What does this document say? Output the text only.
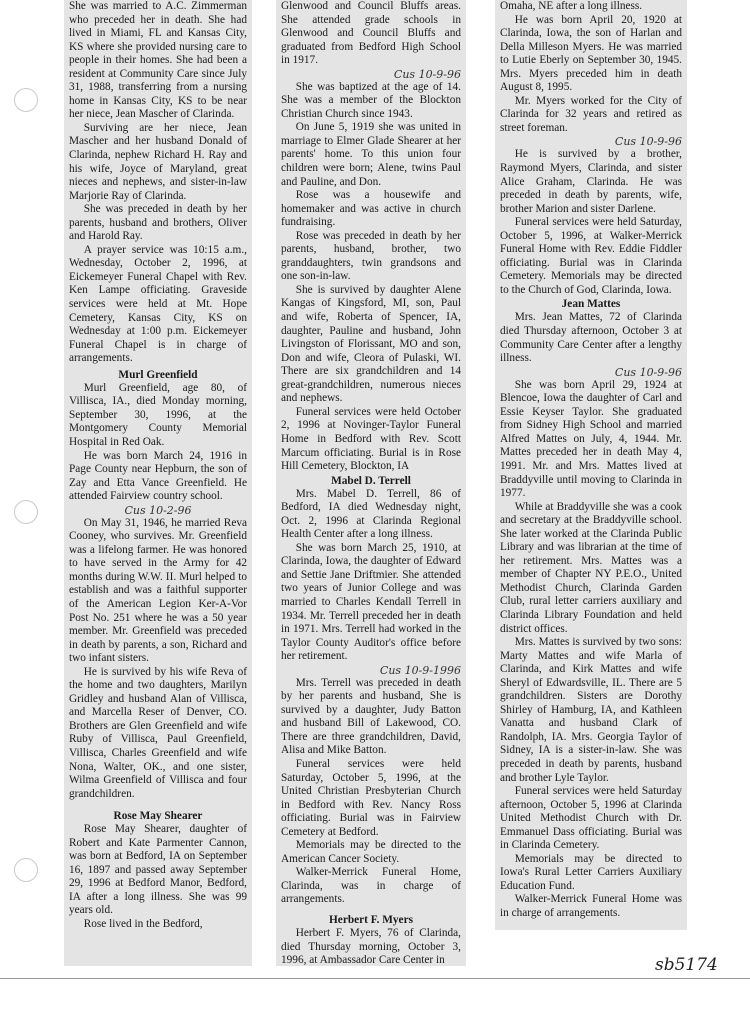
She was married to A.C. Zimmerman who preceded her in death. She had lived in Miami, FL and Kansas City, KS where she provided nursing care to people in their homes. She had been a resident at Community Care since July 31, 1988, transferring from a nursing home in Kansas City, KS to be near her niece, Jean Mascher of Clarinda.

Surviving are her niece, Jean Mascher and her husband Donald of Clarinda, nephew Richard H. Ray and his wife, Joyce of Maryland, great nieces and nephews, and sister-in-law Marjorie Ray of Clarinda.

She was preceded in death by her parents, husband and brothers, Oliver and Harold Ray.

A prayer service was 10:15 a.m., Wednesday, October 2, 1996, at Eickemeyer Funeral Chapel with Rev. Ken Lampe officiating. Graveside services were held at Mt. Hope Cemetery, Kansas City, KS on Wednesday at 1:00 p.m. Eickemeyer Funeral Chapel is in charge of arrangements.

Murl Greenfield

Murl Greenfield, age 80, of Villisca, IA., died Monday morning, September 30, 1996, at the Montgomery County Memorial Hospital in Red Oak.

He was born March 24, 1916 in Page County near Hepburn, the son of Zay and Etta Vance Greenfield. He attended Fairview country school.

Cus 10-2-96

On May 31, 1946, he married Reva Cooney, who survives. Mr. Greenfield was a lifelong farmer. He was honored to have served in the Army for 42 months during W.W. II. Murl helped to establish and was a faithful supporter of the American Legion Ker-A-Vor Post No. 251 where he was a 50 year member. Mr. Greenfield was preceded in death by parents, a son, Richard and two infant sisters.

He is survived by his wife Reva of the home and two daughters, Marilyn Gridley and husband Alan of Villisca, and Marcella Reser of Denver, CO. Brothers are Glen Greenfield and wife Ruby of Villisca, Paul Greenfield, Villisca, Charles Greenfield and wife Nona, Walter, OK., and one sister, Wilma Greenfield of Villisca and four grandchildren.

Rose May Shearer

Rose May Shearer, daughter of Robert and Kate Parmenter Cannon, was born at Bedford, IA on September 16, 1897 and passed away September 29, 1996 at Bedford Manor, Bedford, IA after a long illness. She was 99 years old.

Rose lived in the Bedford,

Glenwood and Council Bluffs areas. She attended grade schools in Glenwood and Council Bluffs and graduated from Bedford High School in 1917.

Cus 10-9-96

She was baptized at the age of 14. She was a member of the Blockton Christian Church since 1943.

On June 5, 1919 she was united in marriage to Elmer Glade Shearer at her parents' home. To this union four children were born; Alene, twins Paul and Pauline, and Don.

Rose was a housewife and homemaker and was active in church fundraising.

Rose was preceded in death by her parents, husband, brother, two granddaughters, twin grandsons and one son-in-law.

She is survived by daughter Alene Kangas of Kingsford, MI, son, Paul and wife, Roberta of Spencer, IA, daughter, Pauline and husband, John Livingston of Florissant, MO and son, Don and wife, Cleora of Pulaski, WI. There are six grandchildren and 14 great-grandchildren, numerous nieces and nephews.

Funeral services were held October 2, 1996 at Novinger-Taylor Funeral Home in Bedford with Rev. Scott Marcum officiating. Burial is in Rose Hill Cemetery, Blockton, IA

Mabel D. Terrell

Mrs. Mabel D. Terrell, 86 of Bedford, IA died Wednesday night, Oct. 2, 1996 at Clarinda Regional Health Center after a long illness.

She was born March 25, 1910, at Clarinda, Iowa, the daughter of Edward and Settie Jane Driftmier. She attended two years of Junior College and was married to Charles Kendall Terrell in 1934. Mr. Terrell preceded her in death in 1971. Mrs. Terrell had worked in the Taylor County Auditor's office before her retirement.

Cus 10-9-1996

Mrs. Terrell was preceded in death by her parents and husband, She is survived by a daughter, Judy Batton and husband Bill of Lakewood, CO. There are three grandchildren, David, Alisa and Mike Batton.

Funeral services were held Saturday, October 5, 1996, at the United Christian Presbyterian Church in Bedford with Rev. Nancy Ross officiating. Burial was in Fairview Cemetery at Bedford.

Memorials may be directed to the American Cancer Society.

Walker-Merrick Funeral Home, Clarinda, was in charge of arrangements.

Herbert F. Myers

Herbert F. Myers, 76 of Clarinda, died Thursday morning, October 3, 1996, at Ambassador Care Center in

Omaha, NE after a long illness.

He was born April 20, 1920 at Clarinda, Iowa, the son of Harlan and Della Milleson Myers. He was married to Lutie Eberly on September 30, 1945. Mrs. Myers preceded him in death August 8, 1995.

Mr. Myers worked for the City of Clarinda for 32 years and retired as street foreman.

Cus 10-9-96

He is survived by a brother, Raymond Myers, Clarinda, and sister Alice Graham, Clarinda. He was preceded in death by parents, wife, brother Marion and sister Darlene.

Funeral services were held Saturday, October 5, 1996, at Walker-Merrick Funeral Home with Rev. Eddie Fiddler officiating. Burial was in Clarinda Cemetery. Memorials may be directed to the Church of God, Clarinda, Iowa.

Jean Mattes

Mrs. Jean Mattes, 72 of Clarinda died Thursday afternoon, October 3 at Community Care Center after a lengthy illness.

Cus 10-9-96

She was born April 29, 1924 at Blencoe, Iowa the daughter of Carl and Essie Keyser Taylor. She graduated from Sidney High School and married Alfred Mattes on July, 4, 1944. Mr. Mattes preceded her in death May 4, 1991. Mr. and Mrs. Mattes lived at Braddyville until moving to Clarinda in 1977.

While at Braddyville she was a cook and secretary at the Braddyville school. She later worked at the Clarinda Public Library and was librarian at the time of her retirement. Mrs. Mattes was a member of Chapter NY P.E.O., United Methodist Church, Clarinda Garden Club, rural letter carriers auxiliary and Clarinda Library Foundation and held district offices.

Mrs. Mattes is survived by two sons: Marty Mattes and wife Marla of Clarinda, and Kirk Mattes and wife Sheryl of Edwardsville, IL. There are 5 grandchildren. Sisters are Dorothy Shirley of Hamburg, IA, and Kathleen Vanatta and husband Clark of Randolph, IA. Mrs. Georgia Taylor of Sidney, IA is a sister-in-law. She was preceded in death by parents, husband and brother Lyle Taylor.

Funeral services were held Saturday afternoon, October 5, 1996 at Clarinda United Methodist Church with Dr. Emmanuel Dass officiating. Burial was in Clarinda Cemetery.

Memorials may be directed to Iowa's Rural Letter Carriers Auxiliary Education Fund.

Walker-Merrick Funeral Home was in charge of arrangements.

sb5174
